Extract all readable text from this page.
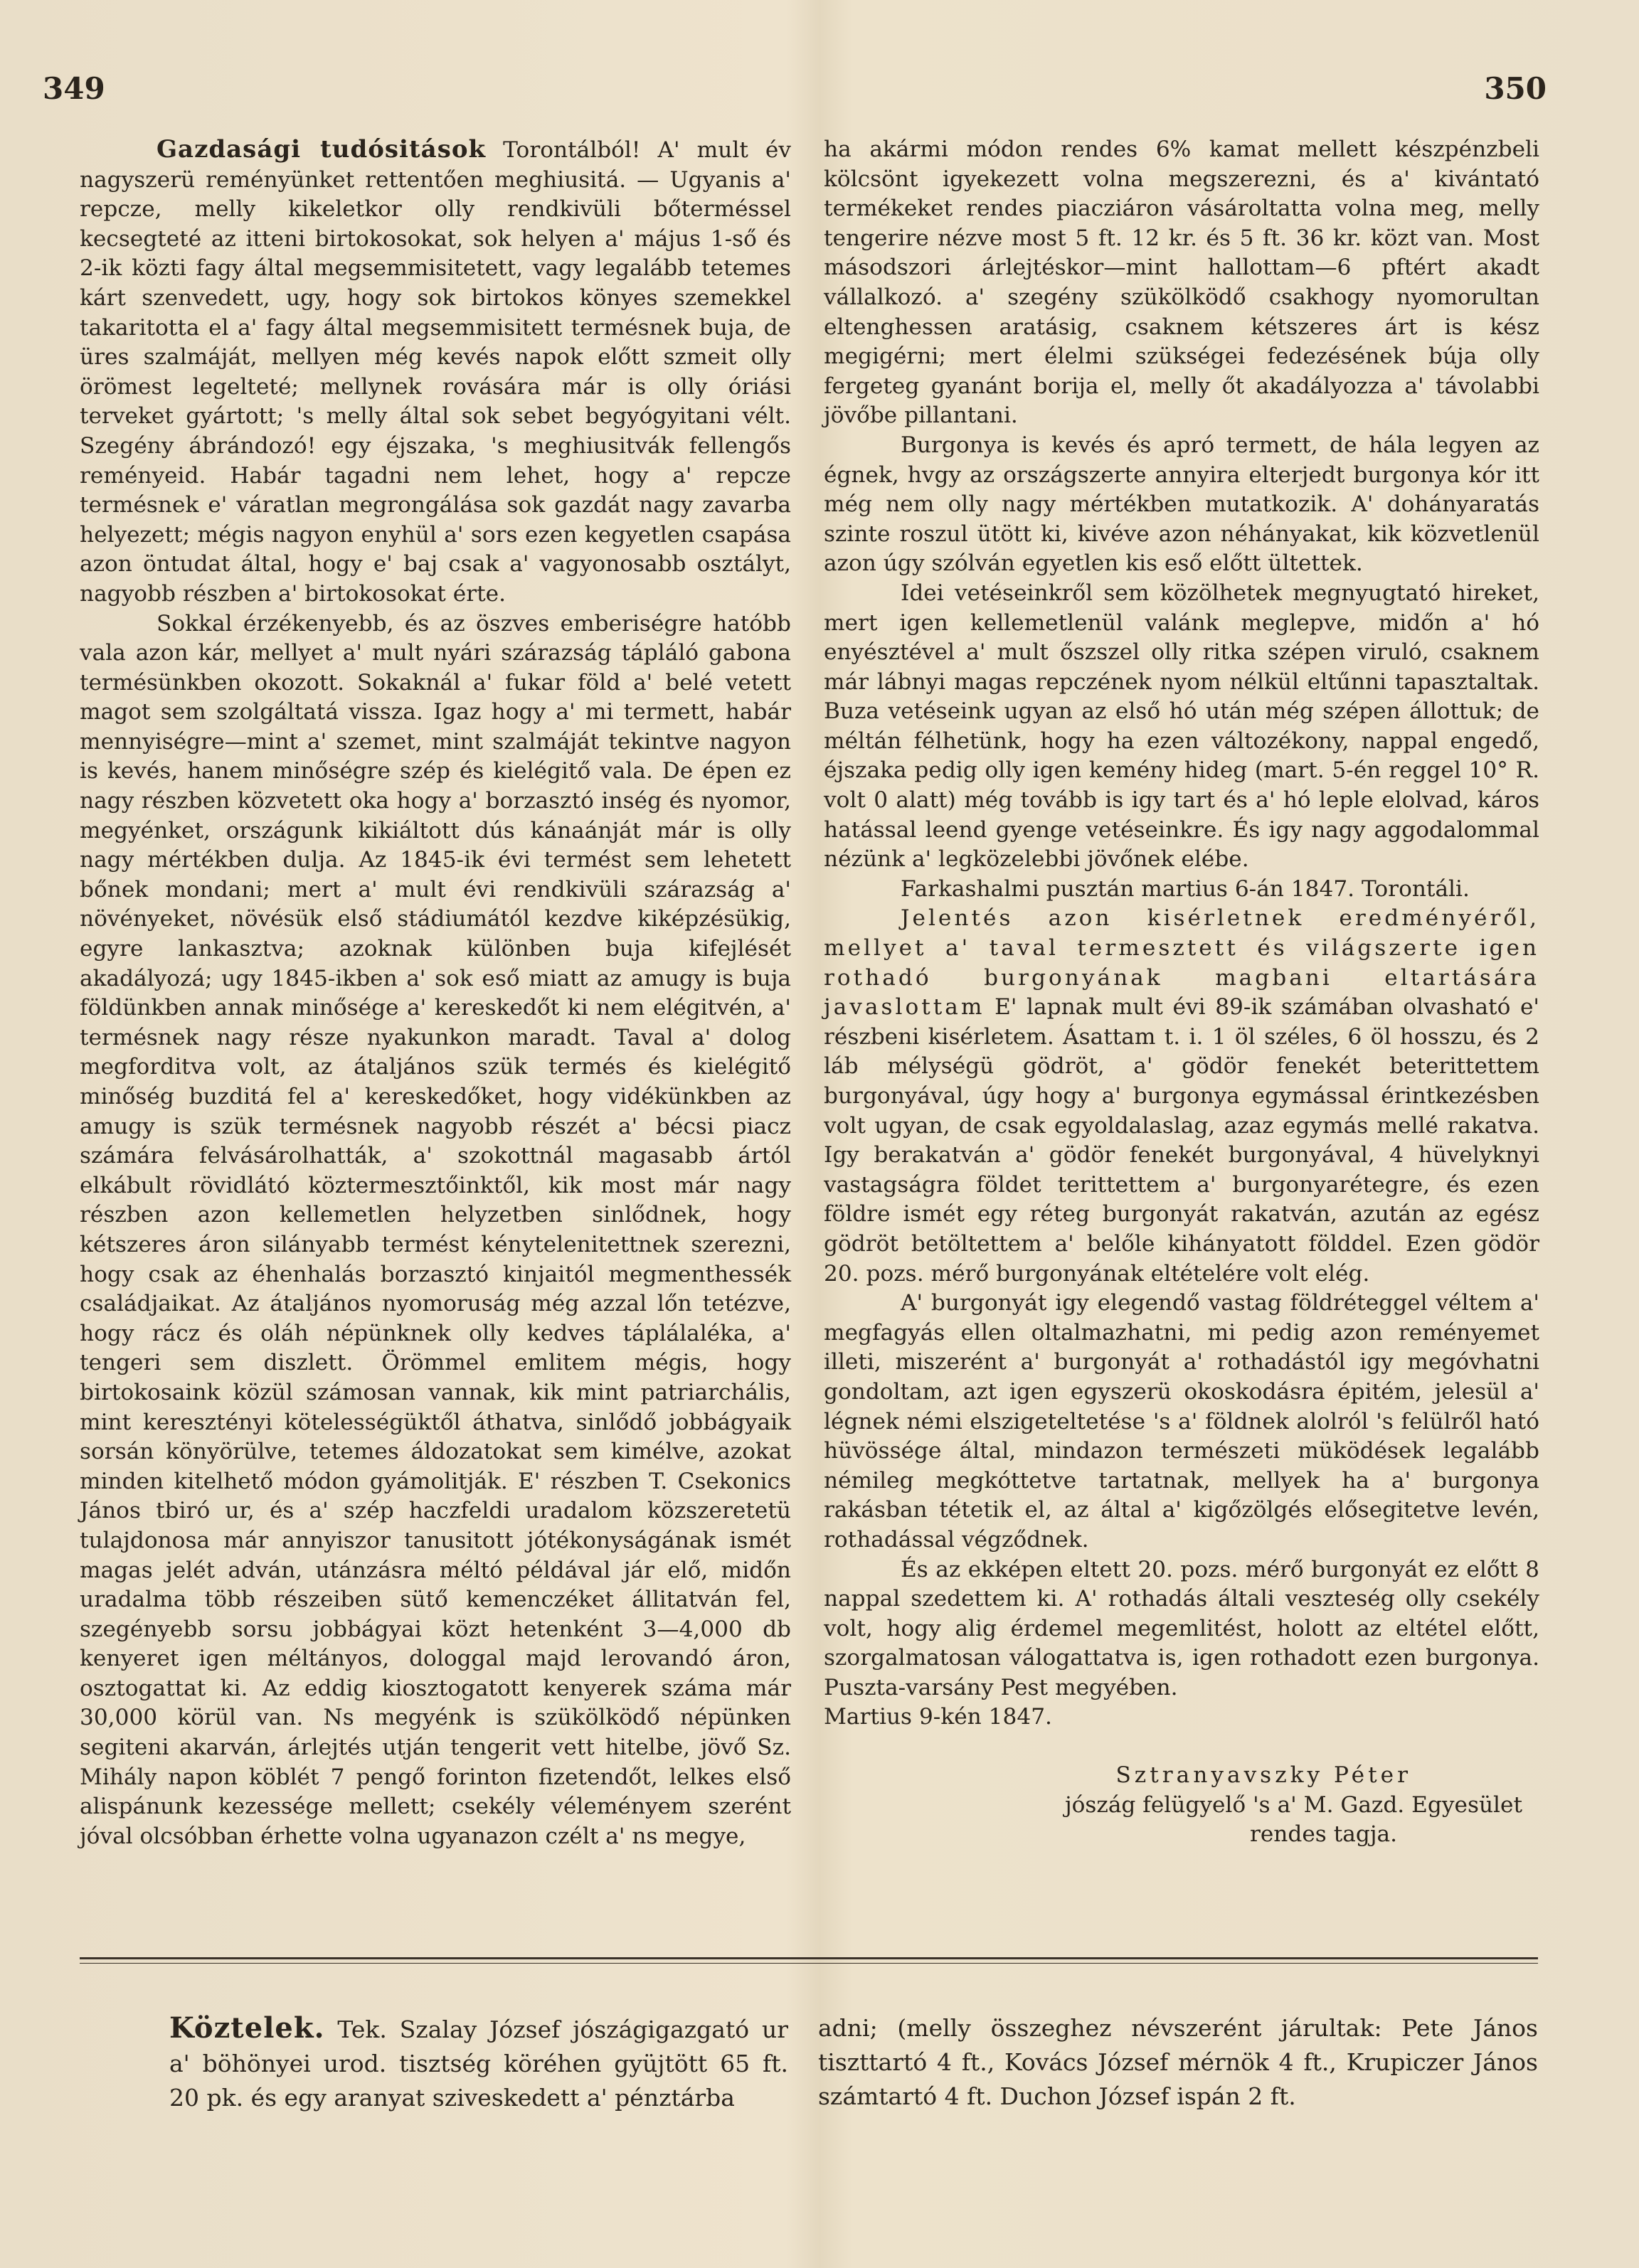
349	350

Gazdasági tudósitások Torontálból! A' mult év nagyszerü reményünket rettentően meghiusitá. — Ugyanis a' repcze, melly kikeletkor olly rendkivüli bőterméssel kecsegteté az itteni birtokosokat, sok helyen a' május 1-ső és 2-ik közti fagy által megsemmisitetett, vagy legalább tetemes kárt szenvedett, ugy, hogy sok birtokos könyes szemekkel takaritotta el a' fagy által megsemmisitett termésnek buja, de üres szalmáját, mellyen még kevés napok előtt szmeit olly örömest legelteté; mellynek rovására már is olly óriási terveket gyártott; 's melly által sok sebet begyógyitani vélt. Szegény ábrándozó! egy éjszaka, 's meghiusitvák fellengős reményeid. Habár tagadni nem lehet, hogy a' repcze termésnek e' váratlan megrongálása sok gazdát nagy zavarba helyezett; mégis nagyon enyhül a' sors ezen kegyetlen csapása azon öntudat által, hogy e' baj csak a' vagyonosabb osztályt, nagyobb részben a' birtokosokat érte.

Sokkal érzékenyebb, és az öszves emberiségre hatóbb vala azon kár, mellyet a' mult nyári szárazság tápláló gabona termésünkben okozott. Sokaknál a' fukar föld a' belé vetett magot sem szolgáltatá vissza. Igaz hogy a' mi termett, habár mennyiségre—mint a' szemet, mint szalmáját tekintve nagyon is kevés, hanem minőségre szép és kielégitő vala. De épen ez nagy részben közvetett oka hogy a' borzasztó inség és nyomor, megyénket, országunk kikiáltott dús kánaánját már is olly nagy mértékben dulja. Az 1845-ik évi termést sem lehetett bőnek mondani; mert a' mult évi rendkivüli szárazság a' növényeket, növésük első stádiumától kezdve kiképzésükig, egyre lankasztva; azoknak különben buja kifejlését akadályozá; ugy 1845-ikben a' sok eső miatt az amugy is buja földünkben annak minősége a' kereskedőt ki nem elégitvén, a' termésnek nagy része nyakunkon maradt. Taval a' dolog megforditva volt, az átaljános szük termés és kielégitő minőség buzditá fel a' kereskedőket, hogy vidékünkben az amugy is szük termésnek nagyobb részét a' bécsi piacz számára felvásárolhatták, a' szokottnál magasabb ártól elkábult rövidlátó köztermesztőinktől, kik most már nagy részben azon kellemetlen helyzetben sinlődnek, hogy kétszeres áron silányabb termést kénytelenitettnek szerezni, hogy csak az éhenhalás borzasztó kinjaitól megmenthessék családjaikat. Az átaljános nyomoruság még azzal lőn tetézve, hogy rácz és oláh népünknek olly kedves táplálaléka, a' tengeri sem diszlett. Örömmel emlitem mégis, hogy birtokosaink közül számosan vannak, kik mint patriarchális, mint keresztényi kötelességüktől áthatva, sinlődő jobbágyaik sorsán könyörülve, tetemes áldozatokat sem kimélve, azokat minden kitelhető módon gyámolitják. E' részben T. Csekonics János tbiró ur, és a' szép haczfeldi uradalom közszeretetü tulajdonosa már annyiszor tanusitott jótékonyságának ismét magas jelét adván, utánzásra méltó példával jár elő, midőn uradalma több részeiben sütő kemenczéket állitatván fel, szegényebb sorsu jobbágyai közt hetenként 3—4,000 db kenyeret igen méltányos, dologgal majd lerovandó áron, osztogattat ki. Az eddig kiosztogatott kenyerek száma már 30,000 körül van. Ns megyénk is szükölködő népünken segiteni akarván, árlejtés utján tengerit vett hitelbe, jövő Sz. Mihály napon köblét 7 pengő forinton fizetendőt, lelkes első alispánunk kezessége mellett; csekély véleményem szerént jóval olcsóbban érhette volna ugyanazon czélt a' ns megye,

ha akármi módon rendes 6% kamat mellett készpénzbeli kölcsönt igyekezett volna megszerezni, és a' kivántató termékeket rendes piacziáron vásároltatta volna meg, melly tengerire nézve most 5 ft. 12 kr. és 5 ft. 36 kr. közt van. Most másodszori árlejtéskor—mint hallottam—6 pftért akadt vállalkozó. a' szegény szükölködő csakhogy nyomorultan eltenghessen aratásig, csaknem kétszeres árt is kész megigérni; mert élelmi szükségei fedezésének búja olly fergeteg gyanánt borija el, melly őt akadályozza a' távolabbi jövőbe pillantani.

Burgonya is kevés és apró termett, de hála legyen az égnek, hvgy az országszerte annyira elterjedt burgonya kór itt még nem olly nagy mértékben mutatkozik. A' dohányaratás szinte roszul ütött ki, kivéve azon néhányakat, kik közvetlenül azon úgy szólván egyetlen kis eső előtt ültettek.

Idei vetéseinkről sem közölhetek megnyugtató hireket, mert igen kellemetlenül valánk meglepve, midőn a' hó enyésztével a' mult őszszel olly ritka szépen viruló, csaknem már lábnyi magas repczének nyom nélkül eltűnni tapasztaltak. Buza vetéseink ugyan az első hó után még szépen állottuk; de méltán félhetünk, hogy ha ezen változékony, nappal engedő, éjszaka pedig olly igen kemény hideg (mart. 5-én reggel 10° R. volt 0 alatt) még tovább is igy tart és a' hó leple elolvad, káros hatással leend gyenge vetéseinkre. És igy nagy aggodalommal nézünk a' legközelebbi jövőnek elébe.

Farkashalmi pusztán martius 6-án 1847. Torontáli.

Jelentés azon kisérletnek eredményéről, mellyet a' taval termesztett és világszerte igen rothadó burgonyának magbani eltartására javaslottam E' lapnak mult évi 89-ik számában olvasható e' részbeni kisérletem. Ásattam t. i. 1 öl széles, 6 öl hosszu, és 2 láb mélységü gödröt, a' gödör fenekét beterittettem burgonyával, úgy hogy a' burgonya egymással érintkezésben volt ugyan, de csak egyoldalaslag, azaz egymás mellé rakatva. Igy berakatván a' gödör fenekét burgonyával, 4 hüvelyknyi vastagságra földet terittettem a' burgonyarétegre, és ezen földre ismét egy réteg burgonyát rakatván, azután az egész gödröt betöltettem a' belőle kihányatott földdel. Ezen gödör 20. pozs. mérő burgonyának eltételére volt elég.

A' burgonyát igy elegendő vastag földréteggel véltem a' megfagyás ellen oltalmazhatni, mi pedig azon reményemet illeti, miszerént a' burgonyát a' rothadástól igy megóvhatni gondoltam, azt igen egyszerü okoskodásra épitém, jelesül a' légnek némi elszigeteltetése 's a' földnek alolról 's felülről ható hüvössége által, mindazon természeti müködések legalább némileg megkóttetve tartatnak, mellyek ha a' burgonya rakásban tétetik el, az által a' kigőzölgés elősegitetve levén, rothadással végződnek.

És az ekképen eltett 20. pozs. mérő burgonyát ez előtt 8 nappal szedettem ki. A' rothadás általi veszteség olly csekély volt, hogy alig érdemel megemlitést, holott az eltétel előtt, szorgalmatosan válogattatva is, igen rothadott ezen burgonya. Puszta-varsány Pest megyében.

Martius 9-kén 1847.

Sztranyavszky Péter

jószág felügyelő 's a' M. Gazd. Egyesület

rendes tagja.

Köztelek. Tek. Szalay József jószágigazgató ur a' böhönyei urod. tisztség köréhen gyüjtött 65 ft. 20 pk. és egy aranyat sziveskedett a' pénztárba
adni; (melly összeghez névszerént járultak: Pete János tiszttartó 4 ft., Kovács József mérnök 4 ft., Krupiczer János számtartó 4 ft. Duchon József ispán 2 ft.
